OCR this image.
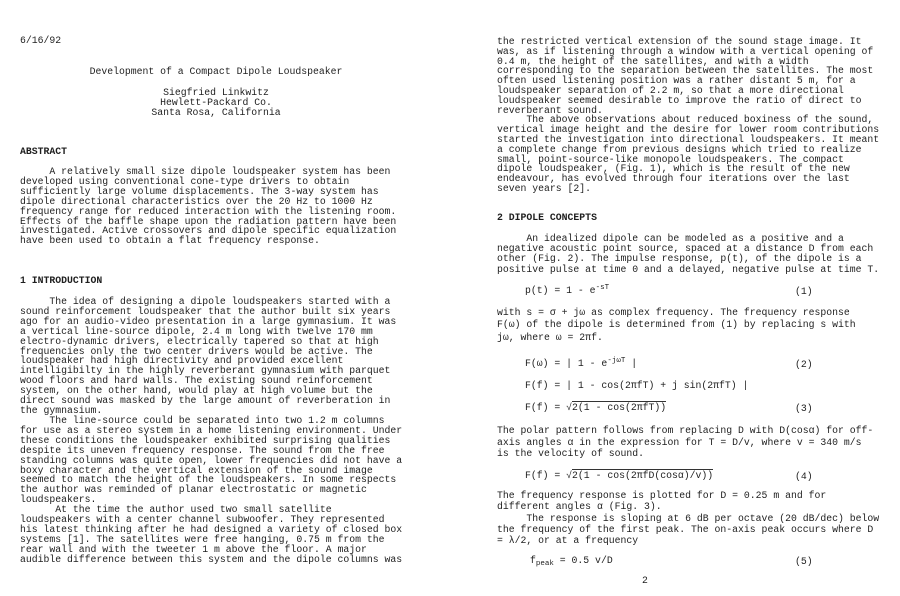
6/16/92
Development of a Compact Dipole Loudspeaker
Siegfried Linkwitz
Hewlett-Packard Co.
Santa Rosa, California
ABSTRACT
A relatively small size dipole loudspeaker system has been
developed using conventional cone-type drivers to obtain
sufficiently large volume displacements. The 3-way system has
dipole directional characteristics over the 20 Hz to 1000 Hz
frequency range for reduced interaction with the listening room.
Effects of the baffle shape upon the radiation pattern have been
investigated. Active crossovers and dipole specific equalization
have been used to obtain a flat frequency response.
1 INTRODUCTION
The idea of designing a dipole loudspeakers started with a
sound reinforcement loudspeaker that the author built six years
ago for an audio-video presentation in a large gymnasium. It was
a vertical line-source dipole, 2.4 m long with twelve 170 mm
electro-dynamic drivers, electrically tapered so that at high
frequencies only the two center drivers would be active. The
loudspeaker had high directivity and provided excellent
intelligibilty in the highly reverberant gymnasium with parquet
wood floors and hard walls. The existing sound reinforcement
system, on the other hand, would play at high volume but the
direct sound was masked by the large amount of reverberation in
the gymnasium.
The line-source could be separated into two 1.2 m columns
for use as a stereo system in a home listening environment. Under
these conditions the loudspeaker exhibited surprising qualities
despite its uneven frequency response. The sound from the free
standing columns was quite open, lower frequencies did not have a
boxy character and the vertical extension of the sound image
seemed to match the height of the loudspeakers. In some respects
the author was reminded of planar electrostatic or magnetic
loudspeakers.
At the time the author used two small satellite
loudspeakers with a center channel subwoofer. They represented
his latest thinking after he had designed a variety of closed box
systems [1]. The satellites were free hanging, 0.75 m from the
rear wall and with the tweeter 1 m above the floor. A major
audible difference between this system and the dipole columns was
the restricted vertical extension of the sound stage image. It
was, as if listening through a window with a vertical opening of
0.4 m, the height of the satellites, and with a width
corresponding to the separation between the satellites. The most
often used listening position was a rather distant 5 m, for a
loudspeaker separation of 2.2 m, so that a more directional
loudspeaker seemed desirable to improve the ratio of direct to
reverberant sound.
The above observations about reduced boxiness of the sound,
vertical image height and the desire for lower room contributions
started the investigation into directional loudspeakers. It meant
a complete change from previous designs which tried to realize
small, point-source-like monopole loudspeakers. The compact
dipole loudspeaker, (Fig. 1), which is the result of the new
endeavour, has evolved through four iterations over the last
seven years [2].
2 DIPOLE CONCEPTS
An idealized dipole can be modeled as a positive and a
negative acoustic point source, spaced at a distance D from each
other (Fig. 2). The impulse response, p(t), of the dipole is a
positive pulse at time 0 and a delayed, negative pulse at time T.
$p(t) = 1 - e^{-sT}$	(1)
with s = σ + jω as complex frequency. The frequency response
F(ω) of the dipole is determined from (1) by replacing s with
jω, where ω = 2πf.
F(ω) = | $1 - e^{-j\omega T}$ |	(2)
F(f) = | 1 - cos(2πfT) + j sin(2πfT) |
F(f) = √2(1 - cos(2πfT))	(3)
The polar pattern follows from replacing D with D(cosα) for off-
axis angles α in the expression for T = D/v, where v = 340 m/s
is the velocity of sound.
F(f) = √2(1 - cos(2πfD(cosα)/v))	(4)
The frequency response is plotted for D = 0.25 m and for
different angles α (Fig. 3).
The response is sloping at 6 dB per octave (20 dB/dec) below
the frequency of the first peak. The on-axis peak occurs where D
= λ/2, or at a frequency
$f_{peak} = 0.5$ v/D	(5)
2
